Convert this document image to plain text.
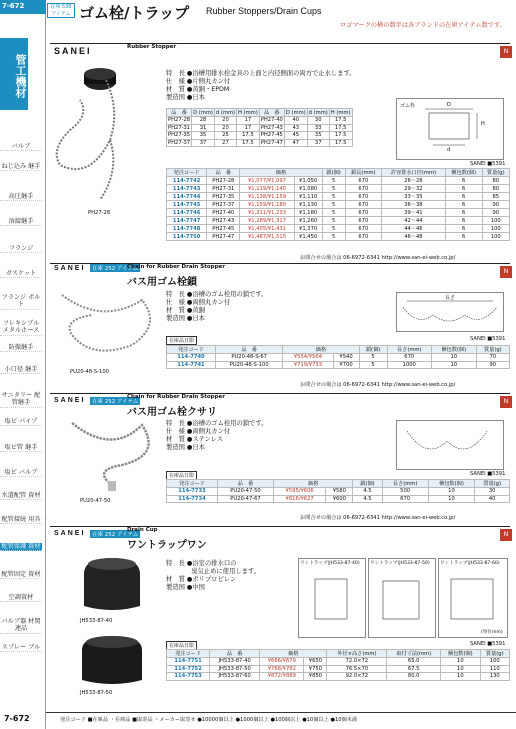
7-672
管工機材
在庫 536アイテム ゴム栓/トラップ Rubber Stoppers/Drain Cups
ロゴマークの横の数字は各ブランドの在庫アイテム数です。
バルブ
ねじ込み 継手
高圧継手
溶接継手
フランジ
ガスケット
フランジ ボルト
フレキシブル メタルホース
防振継手
小口径 継手
サニタリー 配管継手
塩ビ パイプ
塩ビ管 継手
塩ビ バルブ
水道配管 資材
配管接続 用具
配管保護 資材
配管固定 資材
空調資材
バルブ器 材関連品
スプレー ブル
SANEI	Rubber Stopper
N
PH27-28
特　長 ●浴槽用排水栓金具の上面と内径側面の両方で止水します。
仕　様 ●片側丸カン付
材　質 ●黄銅・EPDM
製造国 ●日本
品　番	D (mm)	d (mm)	H (mm)	品　番	D (mm)	d (mm)	H (mm)
PH27-28	28	20	17	PH27-40	40	30	17.5
PH27-31	31	20	17	PH27-43	43	33	17.5
PH27-35	35	25	17.5	PH27-45	45	35	17.5
PH27-37	37	27	17.5	PH27-47	47	37	17.5
ゴム栓
H
D
d
SANEI ■5391
発注コード	品　番	価格		鎖(個)	鎖長(mm)	許容排水口径(mm)	梱包数(個)	質量(g)
114-7742	PH27-28	¥1,077/¥1,097	¥1,050	5	670	26〜28	6	80
114-7743	PH27-31	¥1,119/¥1,140	¥1,080	5	670	29〜32	6	80
114-7744	PH27-35	¥1,138/¥1,159	¥1,110	5	670	33〜35	6	85
114-7745	PH27-37	¥1,159/¥1,180	¥1,130	5	670	36〜38	6	90
114-7746	PH27-40	¥1,211/¥1,233	¥1,180	5	670	39〜41	6	90
114-7747	PH27-43	¥1,289/¥1,317	¥1,260	5	670	42〜44	6	100
114-7748	PH27-45	¥1,405/¥1,431	¥1,370	5	670	44〜46	6	100
114-7750	PH27-47	¥1,487/¥1,515	¥1,450	5	670	46〜48	6	100
お問合せの場合は 06-6972-6341 http://www.san-ei-web.co.jp/
SANEI	在庫 252 アイテム
Chain for Rubber Drain Stopper
バス用ゴム栓鎖
N
PU20-48-S-100
特　長 ●浴槽のゴム栓用の鎖です。
仕　様 ●両側丸カン付
材　質 ●黄銅
製造国 ●日本
長さ
在庫品日限	SANEI ■5391
発注コード	品　番	価格		鎖(個)	長さ(mm)	梱包数(個)	質量(g)
114-7740	PU20-48-S-67	¥554/¥564	¥540	5	670	10	70
114-7741	PU20-48-S-100	¥719/¥733	¥700	5	1000	10	90
お問合せの場合は 06-6972-6341 http://www.san-ei-web.co.jp/
SANEI	在庫 252 アイテム
Chain for Rubber Drain Stopper
バス用ゴム栓クサリ
N
PU20-47-50
特　長 ●浴槽のゴム栓用の鎖です。
仕　様 ●両側丸カン付
材　質 ●ステンレス
製造国 ●日本
在庫品日限	SANEI ■5391
発注コード	品　番	価格		鎖(個)	長さ(mm)	梱包数(個)	質量(g)
114-7733	PU20-47-50	¥595/¥606	¥580	4.5	500	10	30
114-7734	PU20-47-67	¥616/¥627	¥600	4.5	670	10	40
お問合せの場合は 06-6972-6341 http://www.san-ei-web.co.jp/
SANEI	在庫 252 アイテム
Drain Cup
ワントラップワン
N
JH533-87-40
JH533-87-50
特　長 ●浴室の排水口の
　　　　臭気止めに使用します。
材　質 ●ポリプロピレン
製造国 ●中国
ワントラップ(JH533-87-40)	ワントラップ(JH533-87-50)	ワントラップ(JH533-87-60)
(単位mm)
在庫品日限	SANEI ■5391
発注コード	品　番	価格		外径×高さ(mm)	取付寸法(mm)	梱包数(個)	質量(g)
114-7751	JH533-87-40	¥666/¥679	¥650	72.0×72	65.0	10	100
114-7752	JH533-87-50	¥768/¥782	¥750	76.5×70	67.5	10	110
114-7753	JH533-87-60	¥872/¥889	¥850	92.0×72	80.0	10	130
7-672	発注コード ■在庫品 ・在庫品 ■取寄品 ・メーカー取寄せ ●10000個以上 ●1000個以上 ●100個以上 ●10個以上 ●10個未満
